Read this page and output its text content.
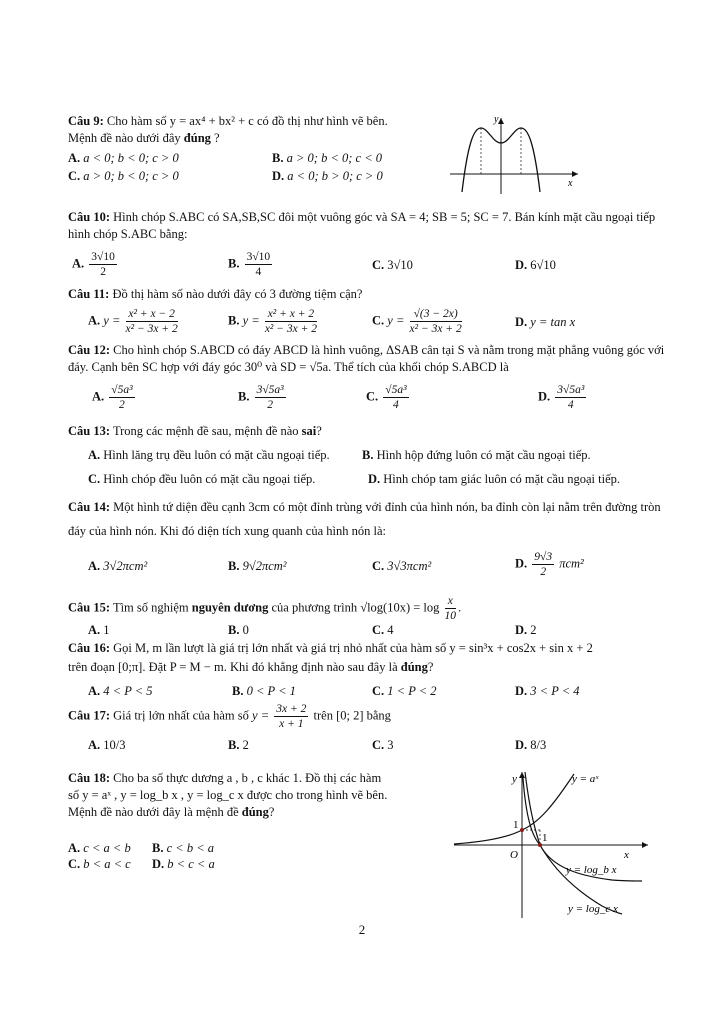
Câu 9: Cho hàm số y = ax⁴ + bx² + c có đồ thị như hình vẽ bên.
Mệnh đề nào dưới đây đúng ?
A. a < 0; b < 0; c > 0	B. a > 0; b < 0; c < 0
C. a > 0; b < 0; c > 0	D. a < 0; b > 0; c > 0
y
x
Câu 10: Hình chóp S.ABC có SA,SB,SC đôi một vuông góc và SA = 4; SB = 5; SC = 7. Bán kính mặt cầu ngoại tiếp hình chóp S.ABC bằng:
A. $\frac{3√10}{2}$	B. $\frac{3√10}{4}$	C. 3√10	D. 6√10
Câu 11: Đồ thị hàm số nào dưới đây có 3 đường tiệm cận?
A. $y = \frac{\text{x² + x − 2}}{\text{x² − 3x + 2}}$	B. $y = \frac{\text{x² + x + 2}}{\text{x² − 3x + 2}}$	C. $y = \frac{√(3 - 2x)}{\text{x² − 3x + 2}}$	D. y = tan x
Câu 12: Cho hình chóp S.ABCD có đáy ABCD là hình vuông, ΔSAB cân tại S và nằm trong mặt phẳng vuông góc với đáy. Cạnh bên SC hợp với đáy góc 30⁰ và SD = √5a. Thể tích của khối chóp S.ABCD là
A. $\frac{\text{√5a³}}{2}$	B. $\frac{\text{3√5a³}}{2}$	C. $\frac{\text{√5a³}}{4}$	D. $\frac{\text{3√5a³}}{4}$
Câu 13: Trong các mệnh đề sau, mệnh đề nào sai?
A. Hình lăng trụ đều luôn có mặt cầu ngoại tiếp.	B. Hình hộp đứng luôn có mặt cầu ngoại tiếp.
C. Hình chóp đều luôn có mặt cầu ngoại tiếp.	D. Hình chóp tam giác luôn có mặt cầu ngoại tiếp.
Câu 14: Một hình tứ diện đều cạnh 3cm có một đỉnh trùng với đỉnh của hình nón, ba đỉnh còn lại nằm trên đường tròn đáy của hình nón. Khi đó diện tích xung quanh của hình nón là:
A. 3√2πcm²	B. 9√2πcm²	C. 3√3πcm²	D. $\frac{9√3}{2} \pi cm^2$
Câu 15: Tìm số nghiệm nguyên dương của phương trình $√\log(10x) = \log \frac{x}{10}$ .
A. 1	B. 0	C. 4	D. 2
Câu 16: Gọi M, m lần lượt là giá trị lớn nhất và giá trị nhỏ nhất của hàm số y = sin³x + cos2x + sin x + 2
trên đoạn [0;π]. Đặt P = M − m. Khi đó khẳng định nào sau đây là đúng?
A. 4 < P < 5	B. 0 < P < 1	C. 1 < P < 2	D. 3 < P < 4
Câu 17: Giá trị lớn nhất của hàm số $y = \frac{3x + 2}{x + 1}$ trên [0; 2] bằng
A. 10/3	B. 2	C. 3	D. 8/3
Câu 18: Cho ba số thực dương a , b , c khác 1. Đồ thị các hàm
số y = aˣ , y = log_b x , y = log_c x được cho trong hình vẽ bên.
Mệnh đề nào dưới đây là mệnh đề đúng?
A. c < a < b B. c < b < a
C. b < a < c D. b < c < a
y
x
O
1
1
y = aˣ
y = log_b x
y = log_c x
2
